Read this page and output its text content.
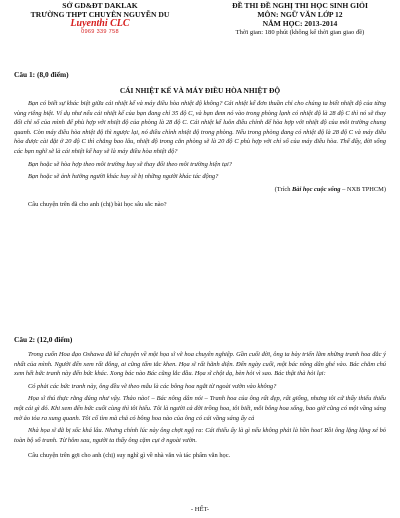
SỞ GD&ĐT DAKLAK
TRƯỜNG THPT CHUYÊN NGUYỄN DU
Luyenthi CLC
0969 339 758
ĐỀ THI ĐỀ NGHỊ THI HỌC SINH GIỎI
MÔN: NGỮ VĂN LỚP 12
NĂM HỌC: 2013-2014
Thời gian: 180 phút (không kể thời gian giao đề)

Câu 1: (8,0 điểm)

CÁI NHIỆT KẾ VÀ MÁY ĐIỀU HÒA NHIỆT ĐỘ

Bạn có biết sự khác biệt giữa cái nhiệt kế và máy điều hòa nhiệt độ không? Cái nhiệt kế đơn thuần chỉ cho chúng ta biết nhiệt độ của từng vùng riêng biệt. Ví dụ như nếu cái nhiệt kế của bạn đang chỉ 35 độ C, và bạn đem nó vào trong phòng lạnh có nhiệt độ là 28 độ C thì nó sẽ thay đổi chỉ số của mình để phù hợp với nhiệt độ của phòng là 28 độ C. Cái nhiệt kế luôn điều chỉnh để hòa hợp với nhiệt độ của môi trường chung quanh. Còn máy điều hòa nhiệt độ thì ngược lại, nó điều chỉnh nhiệt độ trong phòng. Nếu trong phòng đang có nhiệt độ là 28 độ C và máy điều hòa được cài đặt ở 20 độ C thì chẳng bao lâu, nhiệt độ trong căn phòng sẽ là 20 độ C phù hợp với chỉ số của máy điều hòa. Thế đấy, đời sống các bạn nghĩ sẽ là cái nhiệt kế hay sẽ là máy điều hòa nhiệt độ?

Bạn hoặc sẽ hòa hợp theo môi trường hay sẽ thay đổi theo môi trường hiện tại?

Bạn hoặc sẽ ảnh hưởng người khác hay sẽ bị những người khác tác động?

(Trích Bài học cuộc sống – NXB TPHCM)

Câu chuyện trên đã cho anh (chị) bài học sâu sắc nào?

Câu 2: (12,0 điểm)

Trong cuốn Hoa đạo Oshawa đã kể chuyện về một họa sĩ vẽ hoa chuyên nghiệp. Gần cuối đời, ông ta bày triển lãm những tranh hoa đắc ý nhất của mình. Người đến xem rất đông, ai cũng tấm tắc khen. Họa sĩ rất hãnh diện. Đến ngày cuối, một bác nông dân ghé vào. Bác chăm chú xem hết bức tranh này đến bức khác. Xong bác nào Bác cũng lắc đầu. Họa sĩ chột dạ, bèn hỏi vì sao. Bác thật thà hỏi lại:

Có phải các bức tranh này, ông đều vẽ theo mẫu là các bông hoa ngắt từ ngoài vườn vào không?

Họa sĩ thú thực rằng đúng như vậy. Thảo nào! – Bác nông dân nói – Tranh hoa của ông rất đẹp, rất giống, nhưng tôi cứ thấy thiếu thiếu một cái gì đó. Khi xem đến bức cuối cùng thì tôi hiểu. Tôi là người cả đời trồng hoa, tôi biết, mỗi bông hoa sống, bao giờ cũng có một vầng sáng mờ ảo tỏa ra xung quanh. Tôi cố tìm mà chả có bông hoa nào của ông có cái vầng sáng ấy cả

Nhà họa sĩ đã bị sốc khá lâu. Nhưng chính lúc này ông chợt ngộ ra: Cái thiếu ấy là gì nếu không phải là hồn hoa! Rồi ông lặng lặng xé bỏ toàn bộ số tranh. Từ hôm sau, người ta thấy ông cặm cụi ở ngoài vườn.

Câu chuyện trên gợi cho anh (chị) suy nghĩ gì về nhà văn và tác phẩm văn học.

- HẾT-
